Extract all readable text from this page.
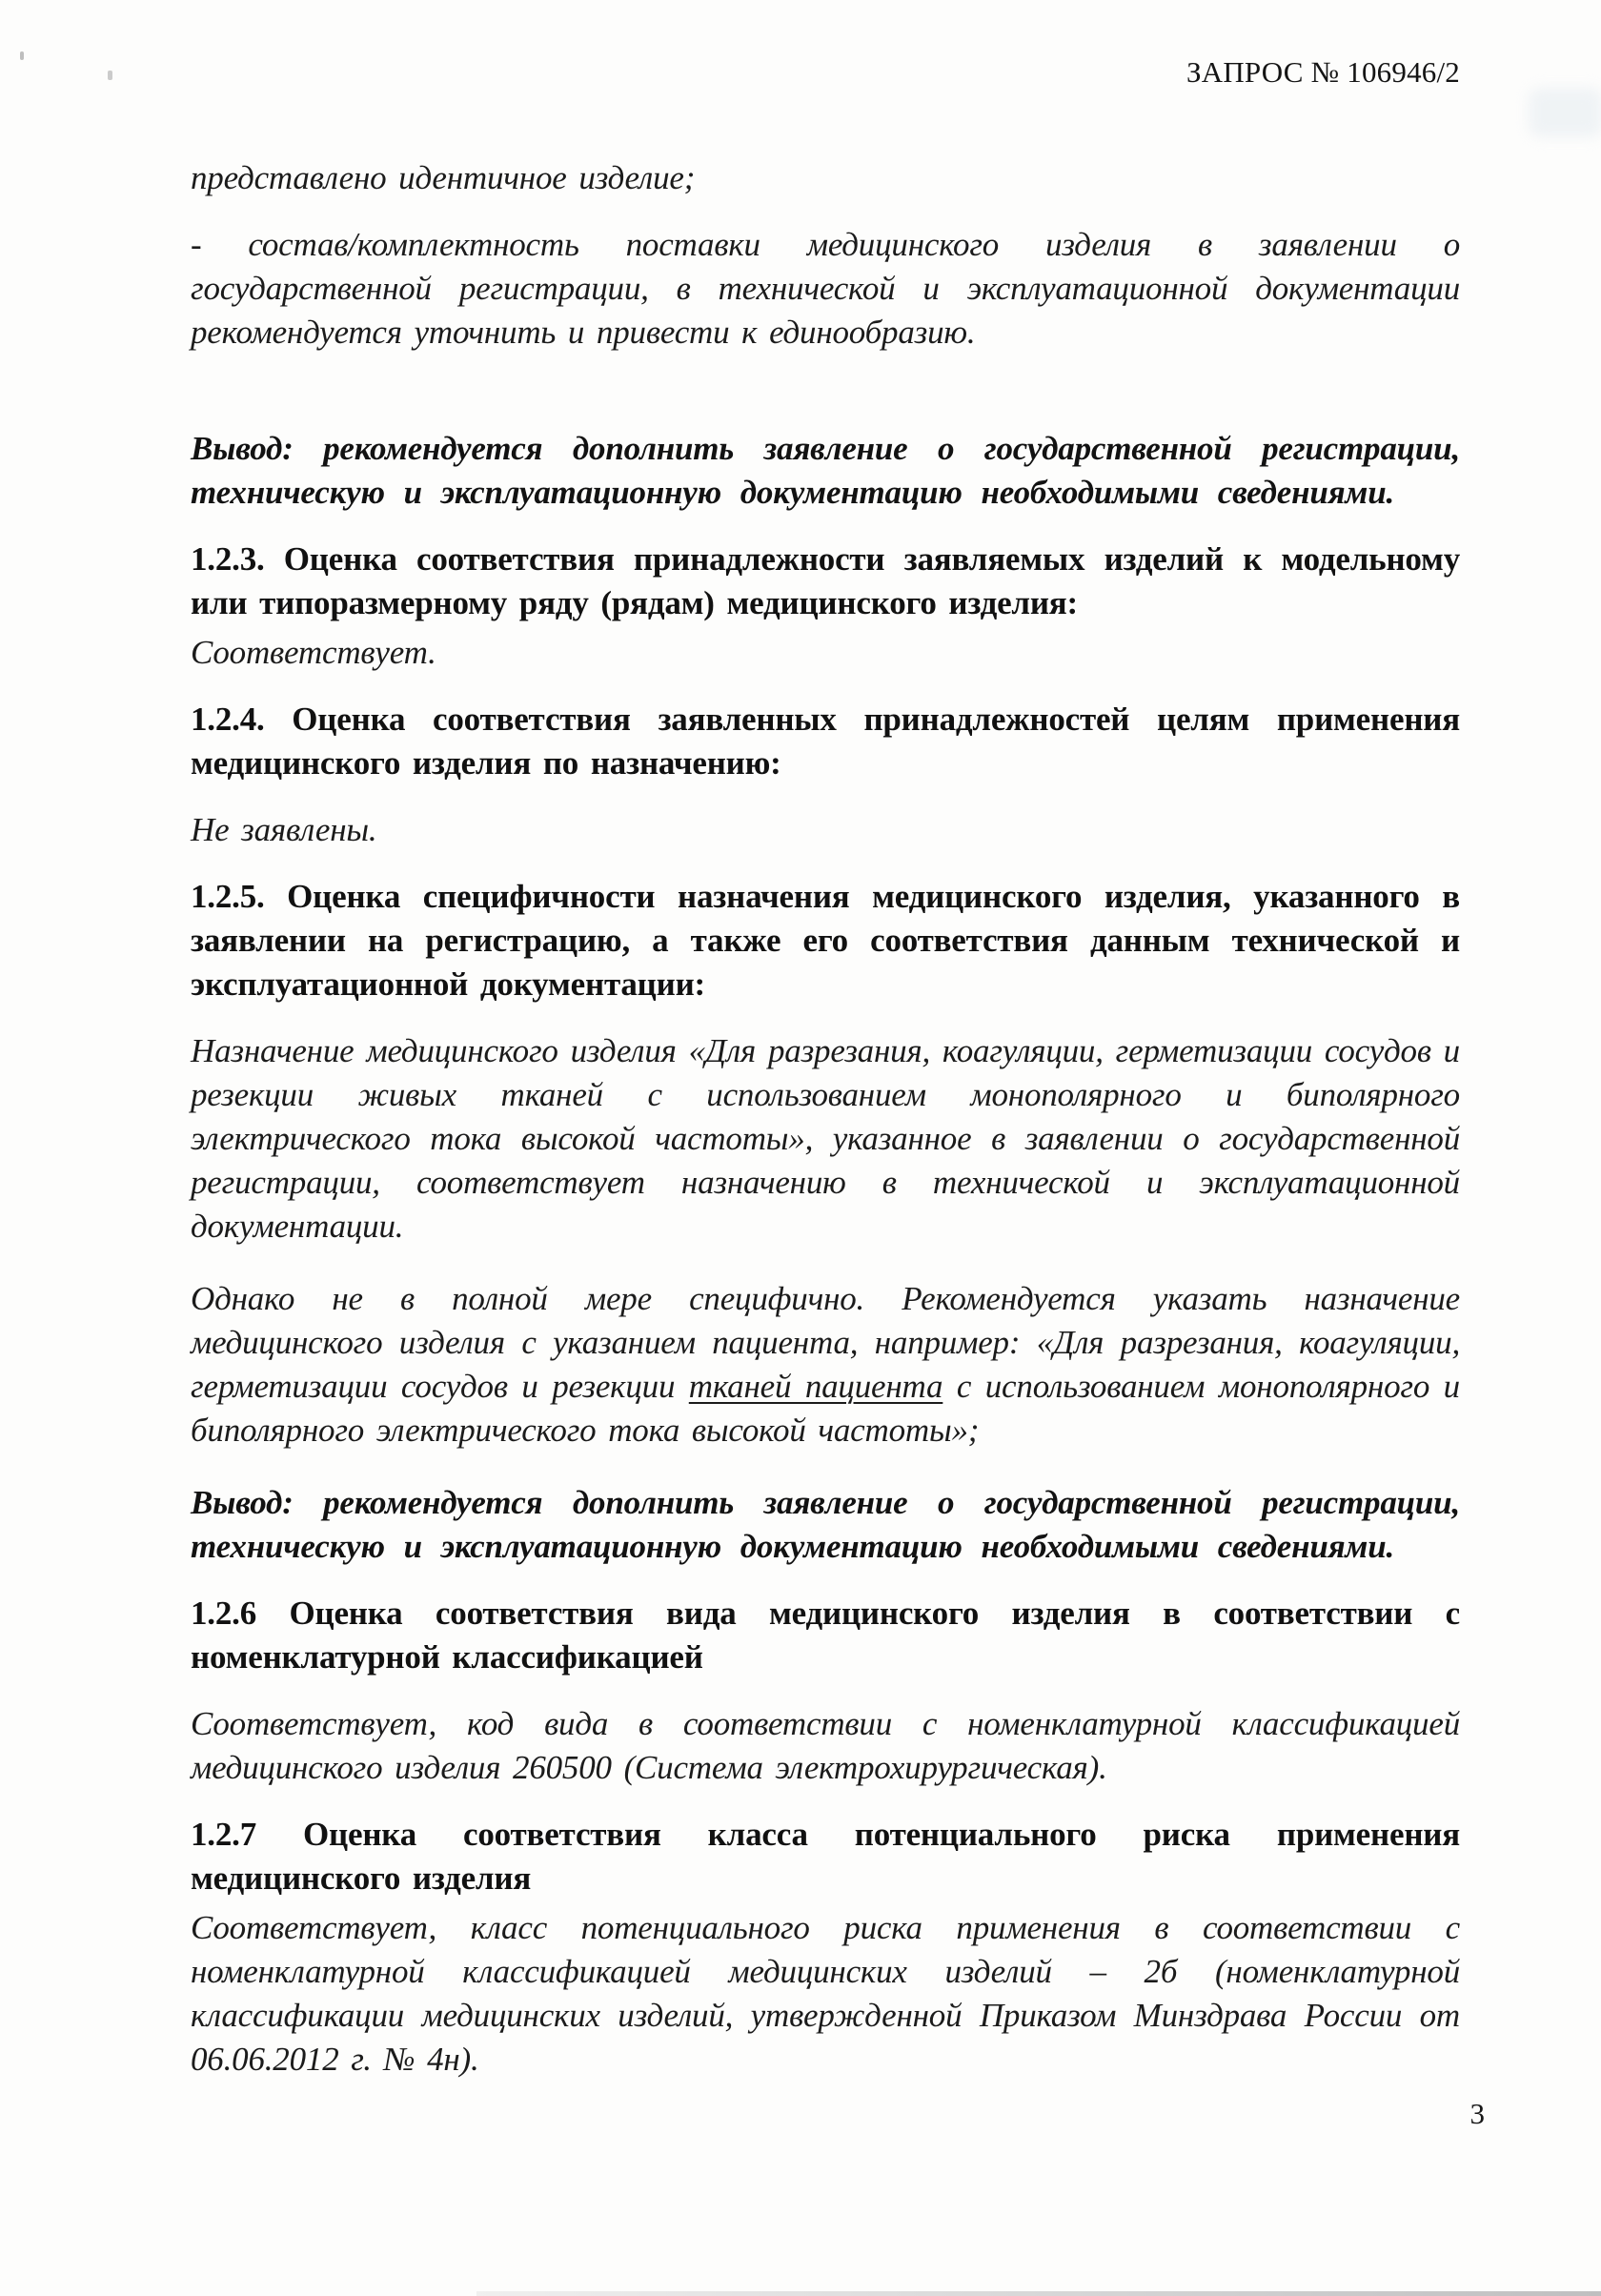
ЗАПРОС № 106946/2

представлено идентичное изделие;

- состав/комплектность поставки медицинского изделия в заявлении о государственной регистрации, в технической и эксплуатационной документации рекомендуется уточнить и привести к единообразию.

Вывод: рекомендуется дополнить заявление о государственной регистрации, техническую и эксплуатационную документацию необходимыми сведениями.

1.2.3. Оценка соответствия принадлежности заявляемых изделий к модельному или типоразмерному ряду (рядам) медицинского изделия:

Соответствует.

1.2.4. Оценка соответствия заявленных принадлежностей целям применения медицинского изделия по назначению:

Не заявлены.

1.2.5. Оценка специфичности назначения медицинского изделия, указанного в заявлении на регистрацию, а также его соответствия данным технической и эксплуатационной документации:

Назначение медицинского изделия «Для разрезания, коагуляции, герметизации сосудов и резекции живых тканей с использованием монополярного и биполярного электрического тока высокой частоты», указанное в заявлении о государственной регистрации, соответствует назначению в технической и эксплуатационной документации.

Однако не в полной мере специфично. Рекомендуется указать назначение медицинского изделия с указанием пациента, например: «Для разрезания, коагуляции, герметизации сосудов и резекции тканей пациента с использованием монополярного и биполярного электрического тока высокой частоты»;

Вывод: рекомендуется дополнить заявление о государственной регистрации, техническую и эксплуатационную документацию необходимыми сведениями.

1.2.6 Оценка соответствия вида медицинского изделия в соответствии с номенклатурной классификацией

Соответствует, код вида в соответствии с номенклатурной классификацией медицинского изделия 260500 (Система электрохирургическая).

1.2.7 Оценка соответствия класса потенциального риска применения медицинского изделия

Соответствует, класс потенциального риска применения в соответствии с номенклатурной классификацией медицинских изделий – 2б (номенклатурной классификации медицинских изделий, утвержденной Приказом Минздрава России от 06.06.2012 г. № 4н).

3
